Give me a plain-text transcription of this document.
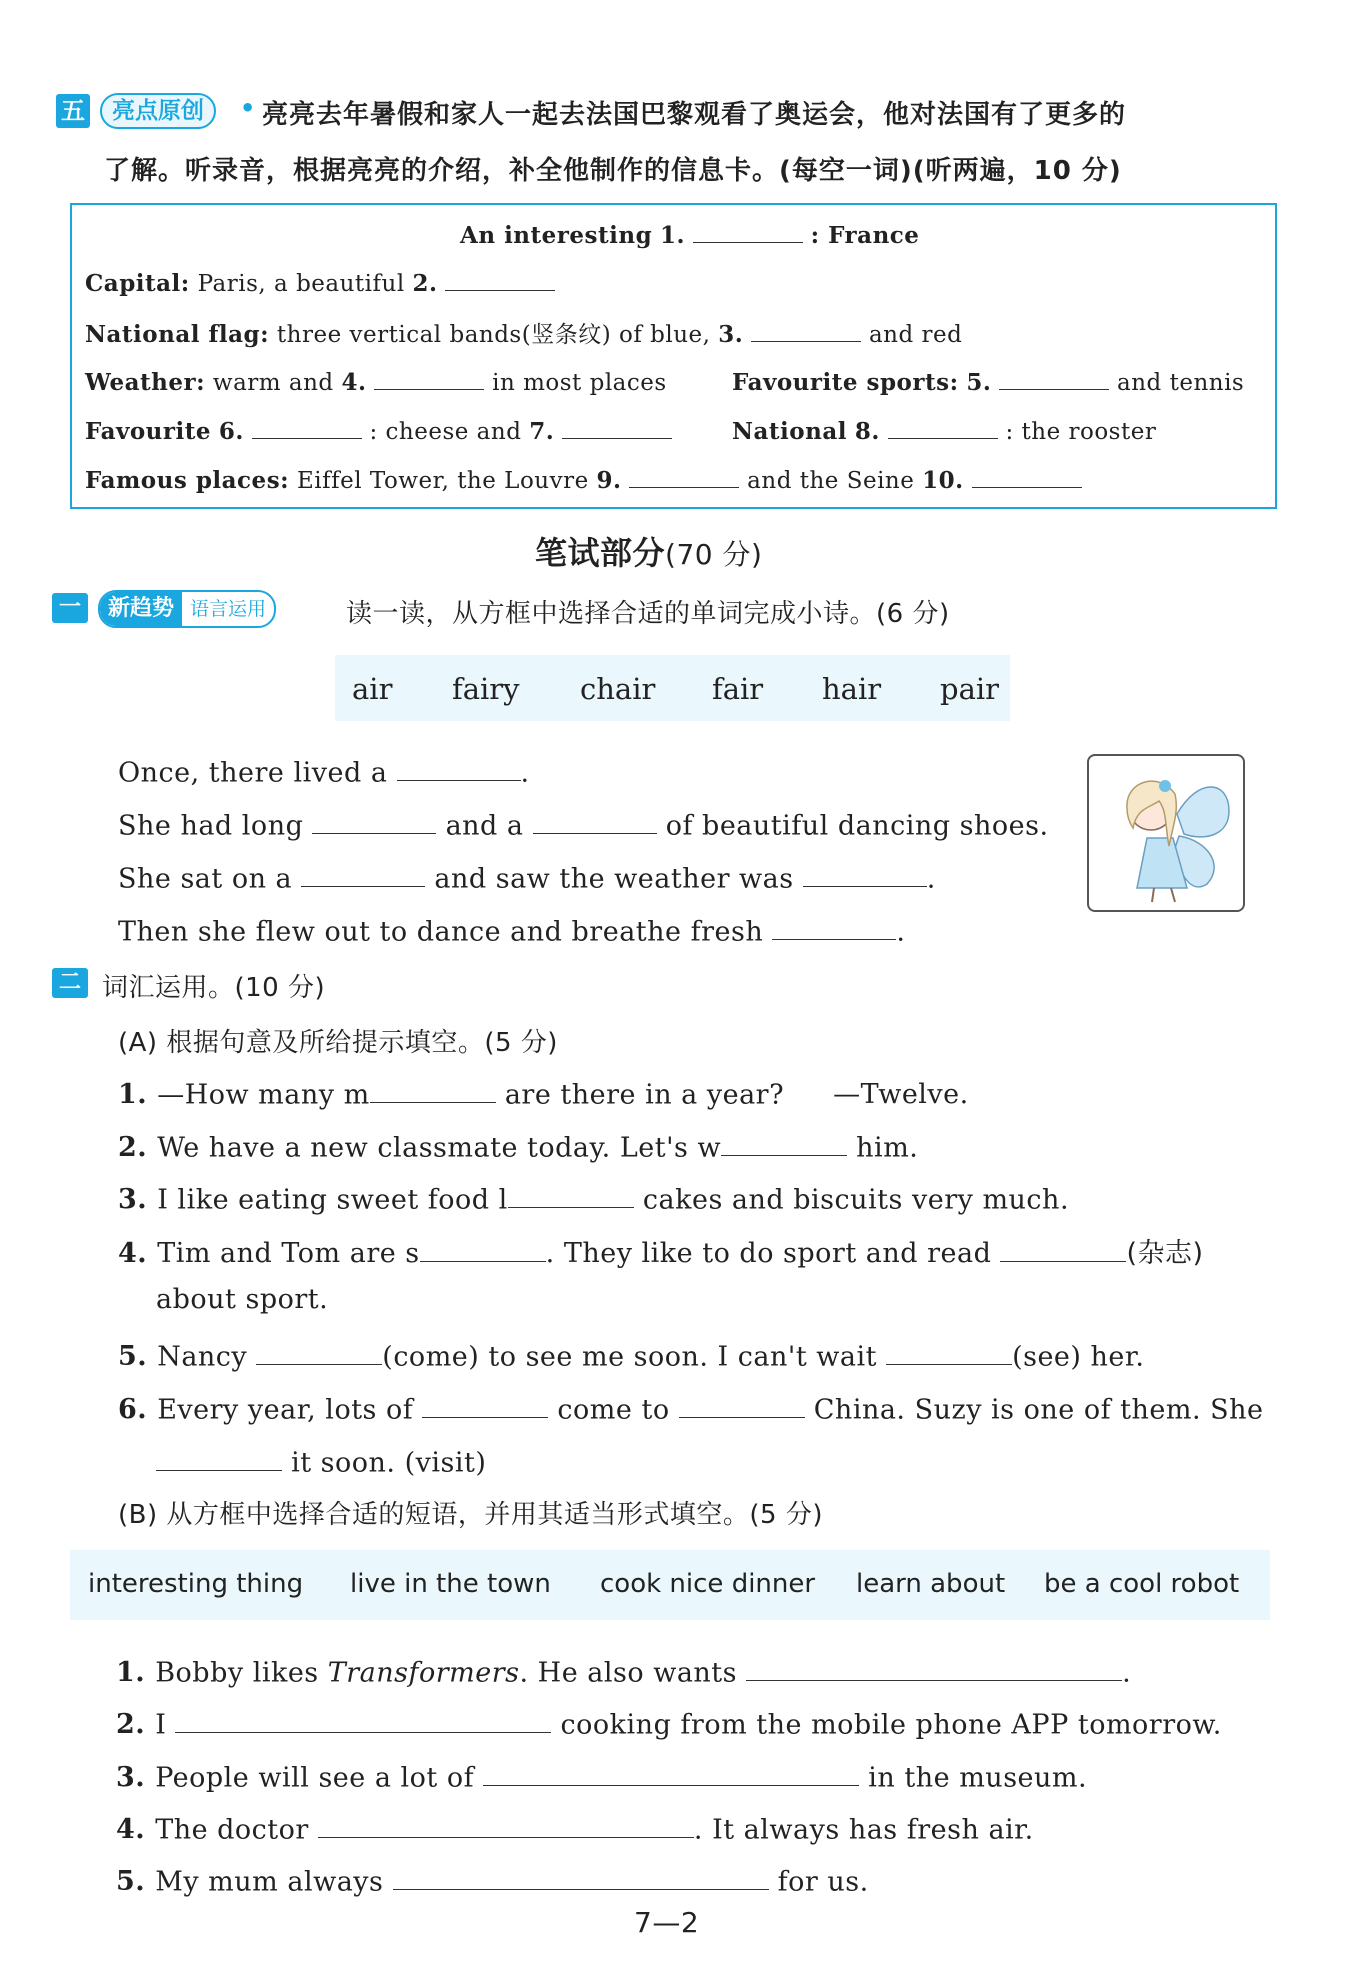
五	亮点原创	• 亮亮去年暑假和家人一起去法国巴黎观看了奥运会，他对法国有了更多的
了解。听录音，根据亮亮的介绍，补全他制作的信息卡。(每空一词)(听两遍，10 分)
An interesting 1.	: France
Capital: Paris, a beautiful 2.
National flag: three vertical bands(竖条纹) of blue, 3.	and red
Weather: warm and 4.	in most places	Favourite sports: 5.	and tennis
Favourite 6.	: cheese and 7.	National 8.	: the rooster
Famous places: Eiffel Tower, the Louvre 9.	and the Seine 10.
笔试部分(70 分)
一	新趋势 语言运用	读一读，从方框中选择合适的单词完成小诗。(6 分)
air fairy chair fair hair pair
Once, there lived a	.
She had long	and a	of beautiful dancing shoes.
She sat on a	and saw the weather was	.
Then she flew out to dance and breathe fresh	.
二 词汇运用。(10 分)
(A) 根据句意及所给提示填空。(5 分)
1. —How many m	are there in a year? —Twelve.
2. We have a new classmate today. Let's w	him.
3. I like eating sweet food l	cakes and biscuits very much.
4. Tim and Tom are s	. They like to do sport and read	(杂志)
about sport.
5. Nancy	(come) to see me soon. I can't wait	(see) her.
6. Every year, lots of	come to	China. Suzy is one of them. She
it soon. (visit)
(B) 从方框中选择合适的短语，并用其适当形式填空。(5 分)
interesting thing live in the town cook nice dinner learn about be a cool robot
1. Bobby likes Transformers. He also wants	.
2. I	cooking from the mobile phone APP tomorrow.
3. People will see a lot of	in the museum.
4. The doctor	. It always has fresh air.
5. My mum always	for us.
7—2
